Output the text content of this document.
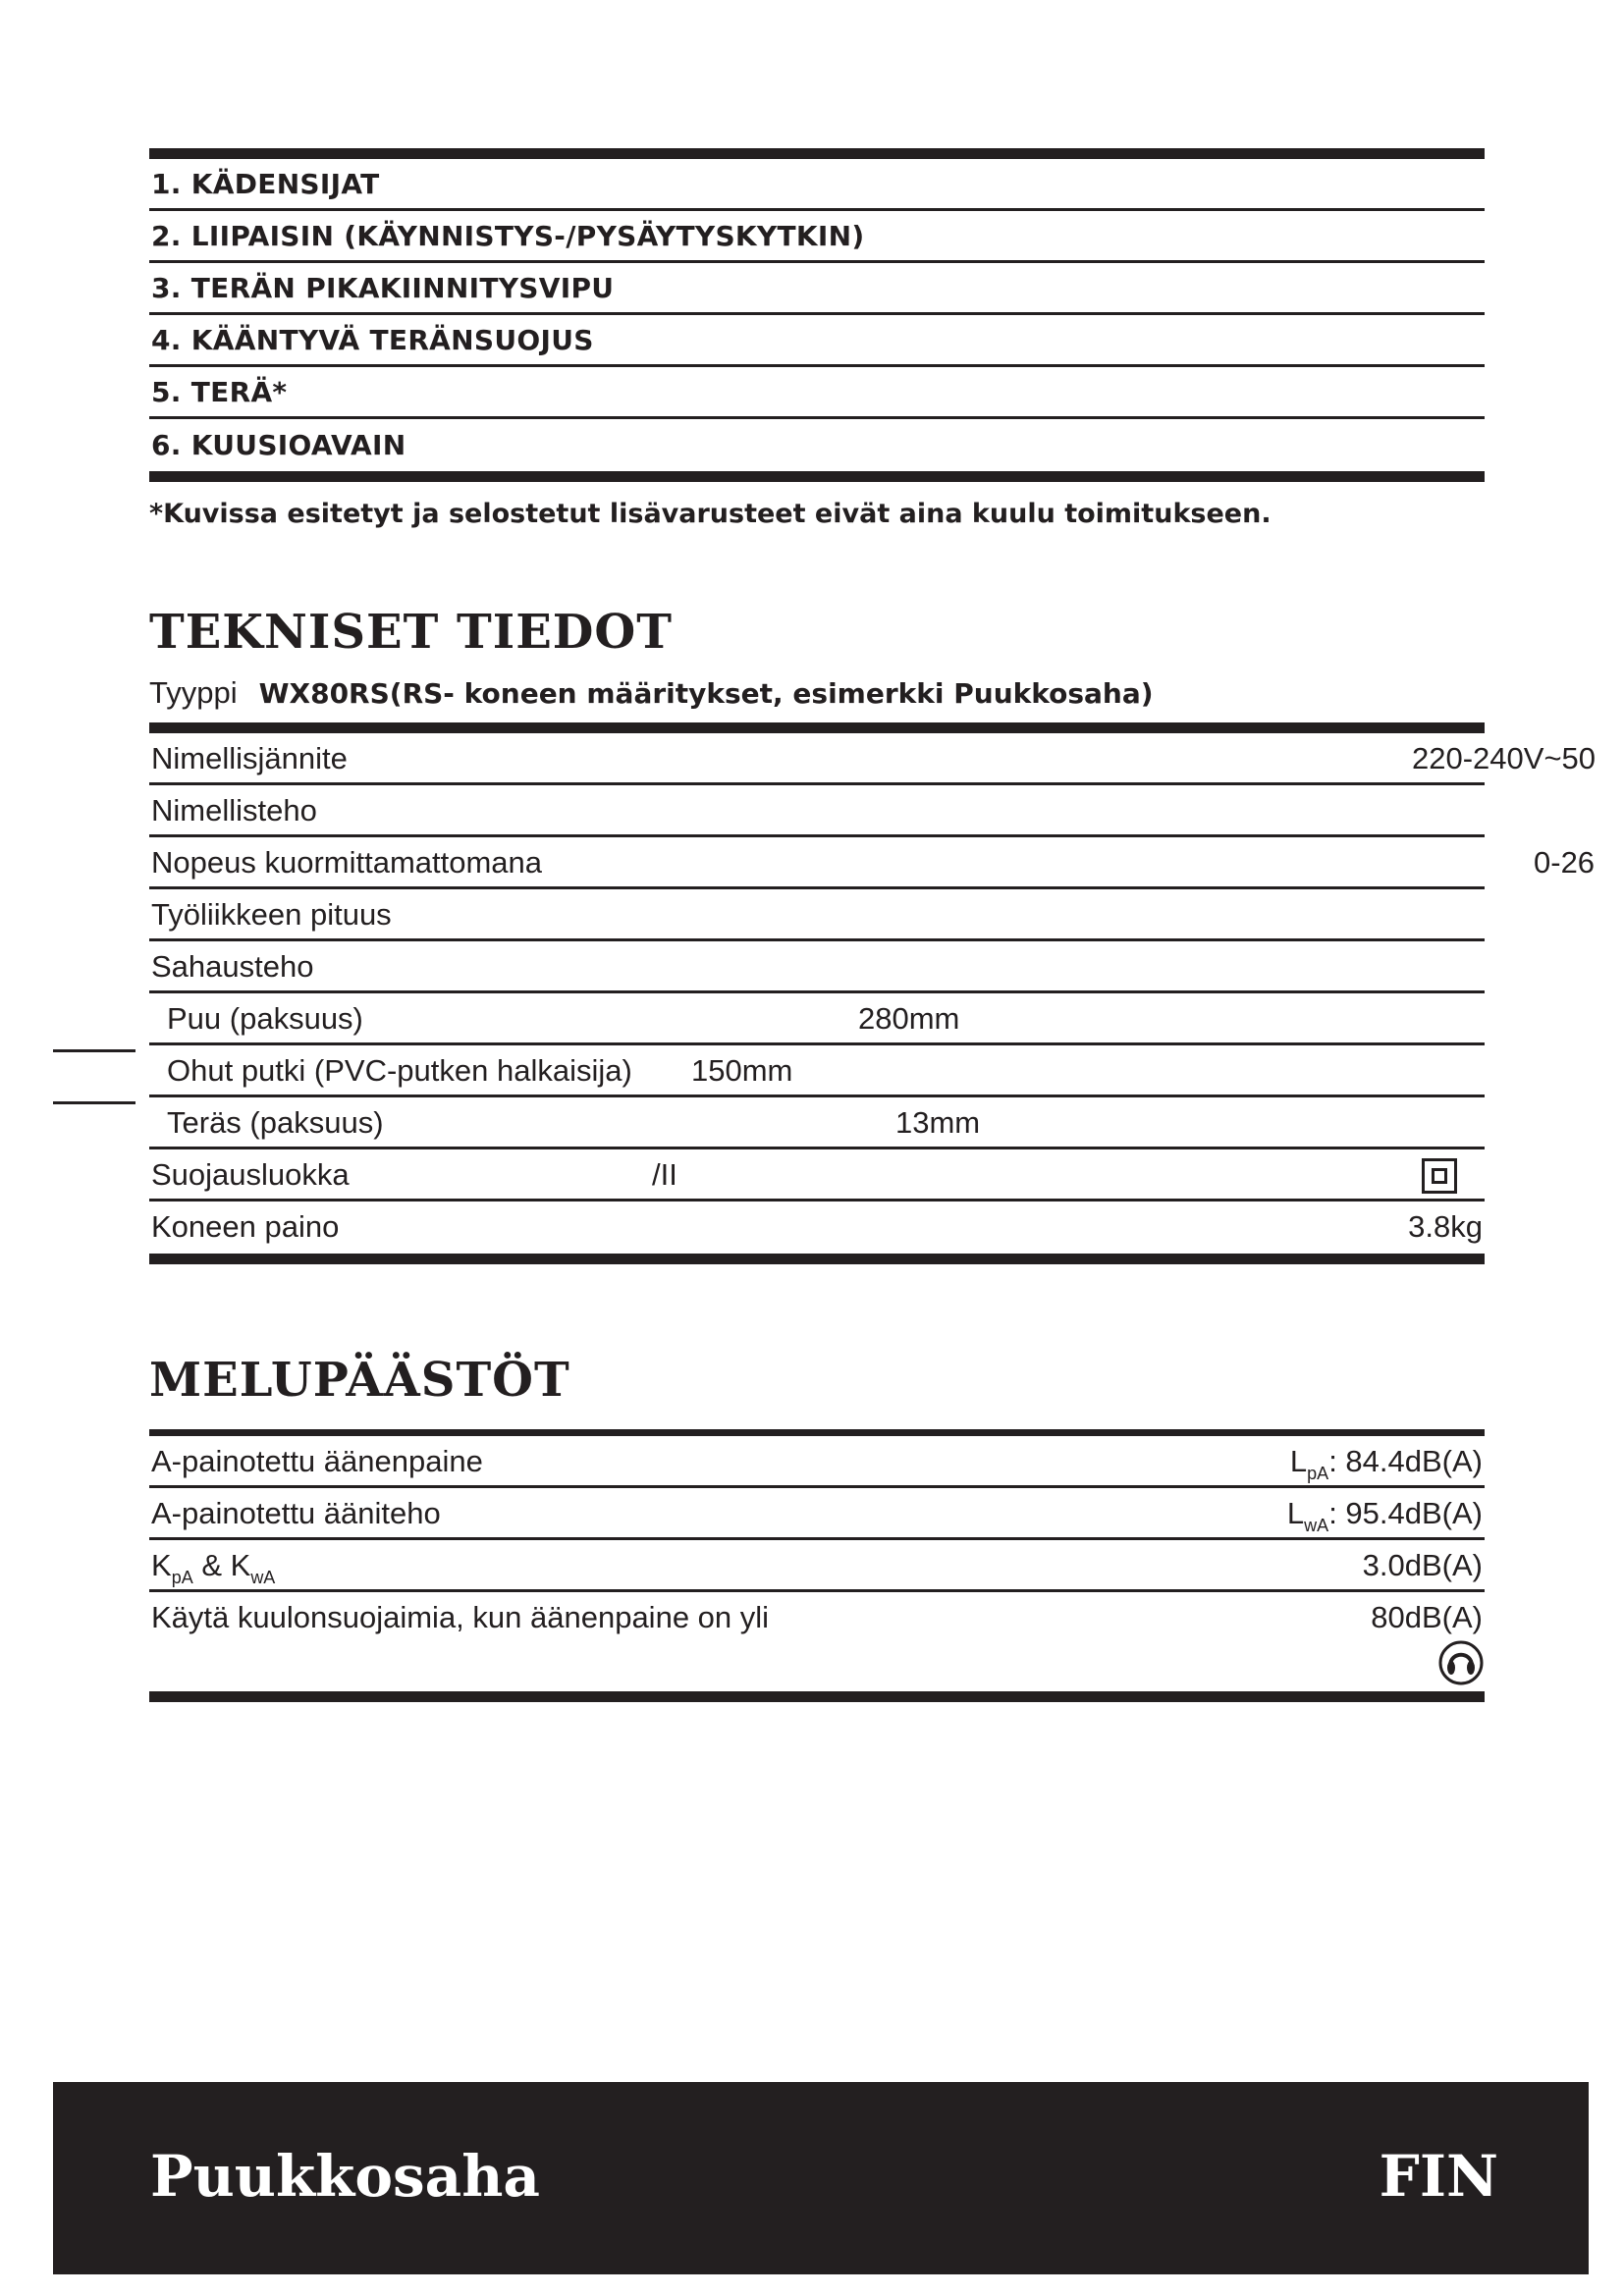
1. KÄDENSIJAT
2. LIIPAISIN (KÄYNNISTYS-/PYSÄYTYSKYTKIN)
3. TERÄN PIKAKIINNITYSVIPU
4. KÄÄNTYVÄ TERÄNSUOJUS
5. TERÄ*
6. KUUSIOAVAIN
*Kuvissa esitetyt ja selostetut lisävarusteet eivät aina kuulu toimitukseen.
TEKNISET TIEDOT
Tyyppi WX80RS(RS- koneen määritykset, esimerkki Puukkosaha)
Nimellisjännite	220-240V~50
Nimellisteho
Nopeus kuormittamattomana	0-26
Työliikkeen pituus
Sahausteho
Puu (paksuus)	280mm
Ohut putki (PVC-putken halkaisija) 150mm
Teräs (paksuus)	13mm
Suojausluokka	/II
Koneen paino	3.8kg
MELUPÄÄSTÖT
A-painotettu äänenpaine	$L_{pA}$: 84.4dB(A)
A-painotettu ääniteho	$L_{wA}$: 95.4dB(A)
$K_{pA}$ & $K_{wA}$	3.0dB(A)
Käytä kuulonsuojaimia, kun äänenpaine on yli	80dB(A)
Puukkosaha	FIN
